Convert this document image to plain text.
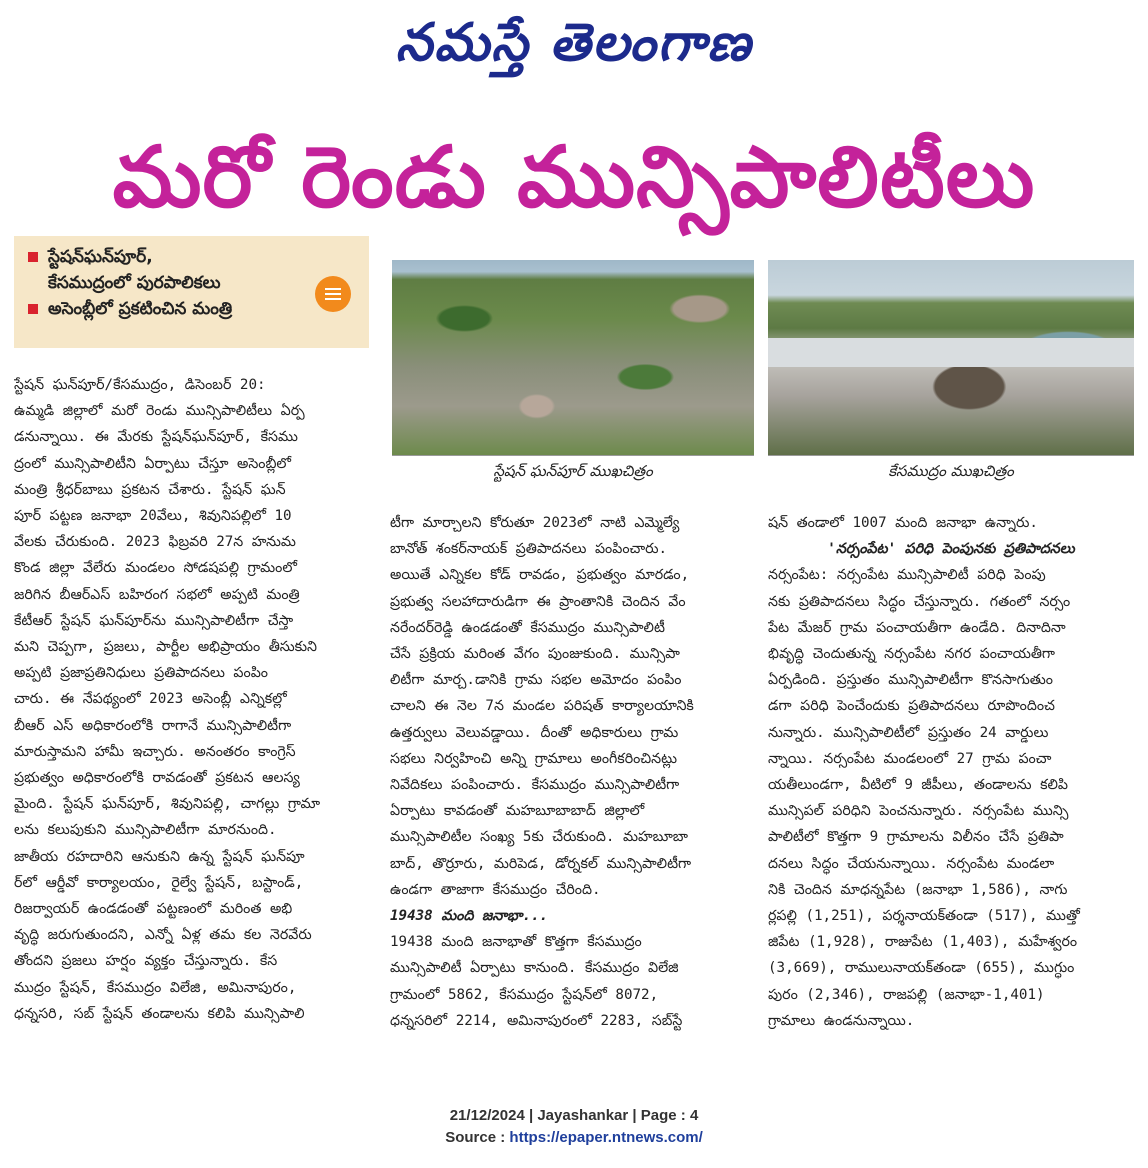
నమస్తే తెలంగాణ
మరో రెండు మున్సిపాలిటీలు
స్టేషన్‌ఘన్‌పూర్,
కేసముద్రంలో పురపాలికలు
అసెంబ్లీలో ప్రకటించిన మంత్రి
స్టేషన్ ఘన్‌పూర్ ముఖచిత్రం	కేసముద్రం ముఖచిత్రం
స్టేషన్ ఘన్‌పూర్/కేసముద్రం, డిసెంబర్ 20:
ఉమ్మడి జిల్లాలో మరో రెండు మున్సిపాలిటీలు ఏర్ప
డనున్నాయి. ఈ మేరకు స్టేషన్‌ఘన్‌పూర్, కేసము
ద్రంలో మున్సిపాలిటీని ఏర్పాటు చేస్తూ అసెంబ్లీలో
మంత్రి శ్రీధర్‌బాబు ప్రకటన చేశారు. స్టేషన్ ఘన్
పూర్ పట్టణ జనాభా 20వేలు, శివునిపల్లిలో 10
వేలకు చేరుకుంది. 2023 ఫిబ్రవరి 27న హనుమ
కొండ జిల్లా వేలేరు మండలం సోడషపల్లి గ్రామంలో
జరిగిన బీఆర్‌ఎస్ బహిరంగ సభలో అప్పటి మంత్రి
కేటీఆర్ స్టేషన్ ఘన్‌పూర్‌ను మున్సిపాలిటీగా చేస్తా
మని చెప్పగా, ప్రజలు, పార్టీల అభిప్రాయం తీసుకుని
అప్పటి ప్రజాప్రతినిధులు ప్రతిపాదనలు పంపిం
చారు. ఈ నేపథ్యంలో 2023 అసెంబ్లీ ఎన్నికల్లో
బీఆర్ ఎస్ అధికారంలోకి రాగానే మున్సిపాలిటీగా
మారుస్తామని హామీ ఇచ్చారు. అనంతరం కాంగ్రెస్
ప్రభుత్వం అధికారంలోకి రావడంతో ప్రకటన ఆలస్య
మైంది. స్టేషన్ ఘన్‌పూర్, శివునిపల్లి, చాగల్లు గ్రామా
లను కలుపుకుని మున్సిపాలిటీగా మారనుంది.
జాతీయ రహదారిని ఆనుకుని ఉన్న స్టేషన్ ఘన్‌పూ
ర్‌లో ఆర్డీవో కార్యాలయం, రైల్వే స్టేషన్, బస్టాండ్,
రిజర్వాయర్ ఉండడంతో పట్టణంలో మరింత అభి
వృద్ధి జరుగుతుందని, ఎన్నో ఏళ్ల తమ కల నెరవేరు
తోందని ప్రజలు హర్షం వ్యక్తం చేస్తున్నారు. కేస
ముద్రం స్టేషన్, కేసముద్రం విలేజి, అమినాపురం,
ధన్నసరి, సబ్ స్టేషన్ తండాలను కలిపి మున్సిపాలి
టీగా మార్చాలని కోరుతూ 2023లో నాటి ఎమ్మెల్యే
బానోత్ శంకర్‌నాయక్ ప్రతిపాదనలు పంపించారు.
అయితే ఎన్నికల కోడ్ రావడం, ప్రభుత్వం మారడం,
ప్రభుత్వ సలహాదారుడిగా ఈ ప్రాంతానికి చెందిన వేం
నరేందర్‌రెడ్డి ఉండడంతో కేసముద్రం మున్సిపాలిటీ
చేసే ప్రక్రియ మరింత వేగం పుంజుకుంది. మున్సిపా
లిటీగా మార్చ.డానికి గ్రామ సభల అమోదం పంపిం
చాలని ఈ నెల 7న మండల పరిషత్ కార్యాలయానికి
ఉత్తర్వులు వెలువడ్డాయి. దీంతో అధికారులు గ్రామ
సభలు నిర్వహించి అన్ని గ్రామాలు అంగీకరించినట్లు
నివేదికలు పంపించారు. కేసముద్రం మున్సిపాలిటీగా
ఏర్పాటు కావడంతో మహబూబాబాద్ జిల్లాలో
మున్సిపాలిటీల సంఖ్య 5కు చేరుకుంది. మహబూబా
బాద్, తొర్రూరు, మరిపెడ, డోర్నకల్ మున్సిపాలిటీగా
ఉండగా తాజాగా కేసముద్రం చేరింది.
19438 మంది జనాభా...
19438 మంది జనాభాతో కొత్తగా కేసముద్రం
మున్సిపాలిటీ ఏర్పాటు కానుంది. కేసముద్రం విలేజి
గ్రామంలో 5862, కేసముద్రం స్టేషన్‌లో 8072,
ధన్నసరిలో 2214, అమినాపురంలో 2283, సబ్‌స్టే
షన్ తండాలో 1007 మంది జనాభా ఉన్నారు.
'నర్సంపేట' పరిధి పెంపునకు ప్రతిపాదనలు
నర్సంపేట: నర్సంపేట మున్సిపాలిటీ పరిధి పెంపు
నకు ప్రతిపాదనలు సిద్ధం చేస్తున్నారు. గతంలో నర్సం
పేట మేజర్ గ్రామ పంచాయతీగా ఉండేది. దినాదినా
భివృద్ధి చెందుతున్న నర్సంపేట నగర పంచాయతీగా
ఏర్పడింది. ప్రస్తుతం మున్సిపాలిటీగా కొనసాగుతుం
డగా పరిధి పెంచేందుకు ప్రతిపాదనలు రూపొందించ
నున్నారు. మున్సిపాలిటీలో ప్రస్తుతం 24 వార్డులు
న్నాయి. నర్సంపేట మండలంలో 27 గ్రామ పంచా
యతీలుండగా, వీటిలో 9 జీపీలు, తండాలను కలిపి
మున్సిపల్ పరిధిని పెంచనున్నారు. నర్సంపేట మున్సి
పాలిటీలో కొత్తగా 9 గ్రామాలను విలీనం చేసే ప్రతిపా
దనలు సిద్ధం చేయనున్నాయి. నర్సంపేట మండలా
నికి చెందిన మాధన్నపేట (జనాభా 1,586), నాగు
ర్లపల్లి (1,251), పర్శనాయక్‌తండా (517), ముత్తో
జిపేట (1,928), రాజుపేట (1,403), మహేశ్వరం
(3,669), రాములునాయక్‌తండా (655), ముగ్ధుం
పురం (2,346), రాజపల్లి (జనాభా-1,401)
గ్రామాలు ఉండనున్నాయి.
21/12/2024 | Jayashankar | Page : 4
Source : https://epaper.ntnews.com/
